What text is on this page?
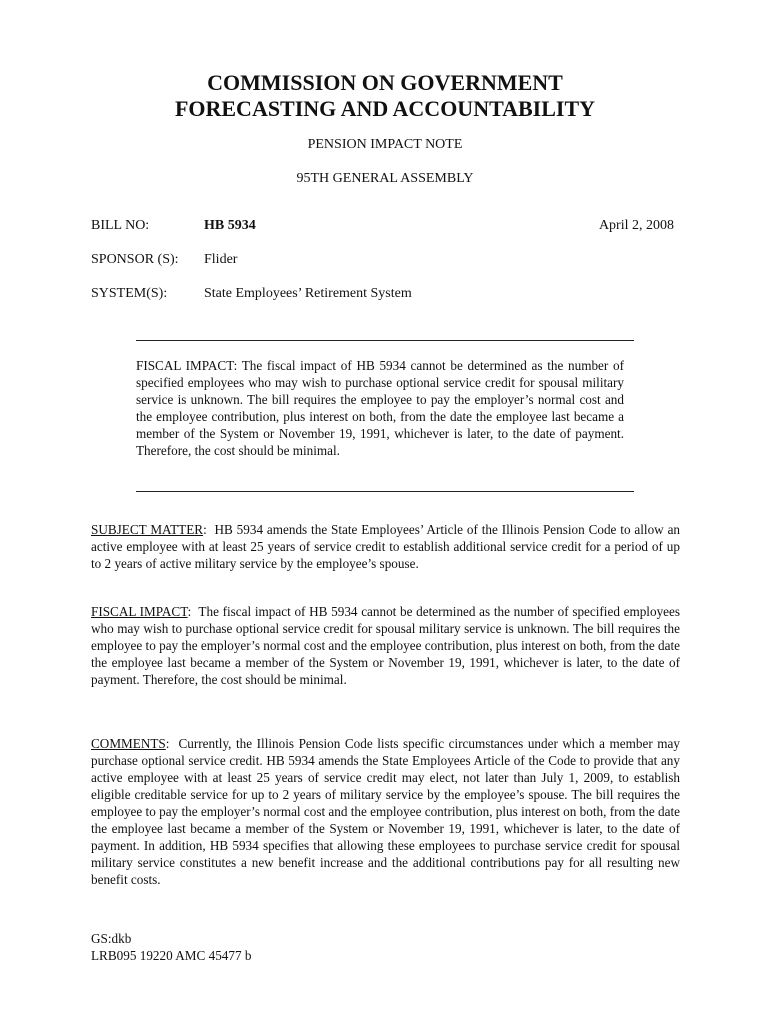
COMMISSION ON GOVERNMENT
FORECASTING AND ACCOUNTABILITY
PENSION IMPACT NOTE
95TH GENERAL ASSEMBLY
BILL NO:	HB 5934	April 2, 2008
SPONSOR (S): Flider
SYSTEM(S):	State Employees’ Retirement System

FISCAL IMPACT: The fiscal impact of HB 5934 cannot be determined as the number of specified employees who may wish to purchase optional service credit for spousal military service is unknown. The bill requires the employee to pay the employer’s normal cost and the employee contribution, plus interest on both, from the date the employee last became a member of the System or November 19, 1991, whichever is later, to the date of payment. Therefore, the cost should be minimal.

SUBJECT MATTER:  HB 5934 amends the State Employees’ Article of the Illinois Pension Code to allow an active employee with at least 25 years of service credit to establish additional service credit for a period of up to 2 years of active military service by the employee’s spouse.

FISCAL IMPACT:  The fiscal impact of HB 5934 cannot be determined as the number of specified employees who may wish to purchase optional service credit for spousal military service is unknown. The bill requires the employee to pay the employer’s normal cost and the employee contribution, plus interest on both, from the date the employee last became a member of the System or November 19, 1991, whichever is later, to the date of payment. Therefore, the cost should be minimal.

COMMENTS:  Currently, the Illinois Pension Code lists specific circumstances under which a member may purchase optional service credit. HB 5934 amends the State Employees Article of the Code to provide that any active employee with at least 25 years of service credit may elect, not later than July 1, 2009, to establish eligible creditable service for up to 2 years of military service by the employee’s spouse. The bill requires the employee to pay the employer’s normal cost and the employee contribution, plus interest on both, from the date the employee last became a member of the System or November 19, 1991, whichever is later, to the date of payment. In addition, HB 5934 specifies that allowing these employees to purchase service credit for spousal military service constitutes a new benefit increase and the additional contributions pay for all resulting new benefit costs.

GS:dkb
LRB095 19220 AMC 45477 b
